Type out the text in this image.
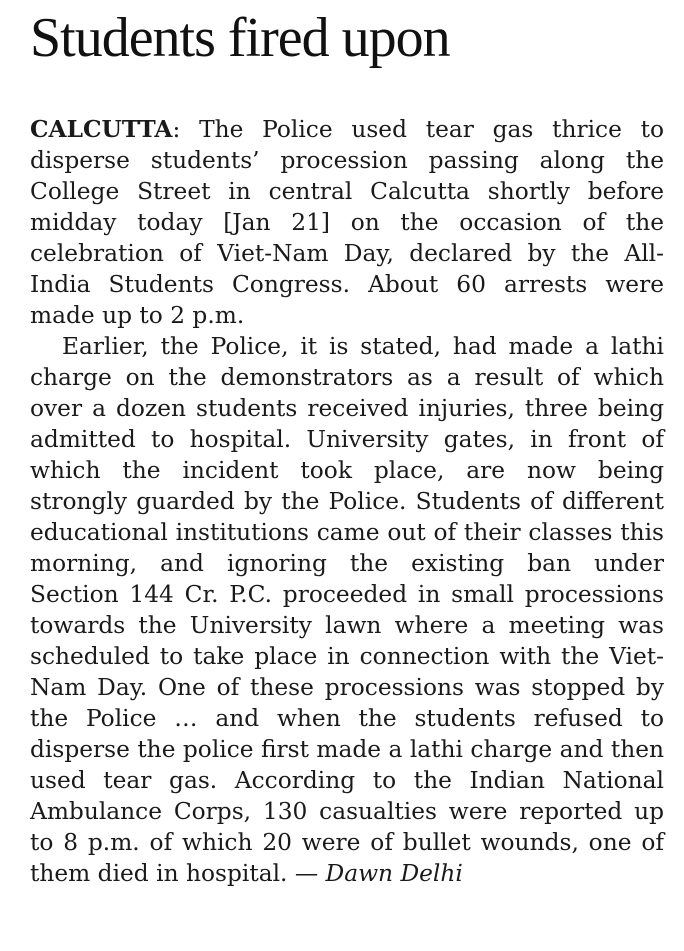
Students fired upon

CALCUTTA: The Police used tear gas thrice to disperse students’ procession passing along the College Street in central Calcutta shortly before midday today [Jan 21] on the occasion of the celebration of Viet-Nam Day, declared by the All-India Students Congress. About 60 arrests were made up to 2 p.m.

Earlier, the Police, it is stated, had made a lathi charge on the demonstrators as a result of which over a dozen students received injuries, three being admitted to hospital. University gates, in front of which the incident took place, are now being strongly guarded by the Police. Students of different educational institutions came out of their classes this morning, and ignoring the existing ban under Section 144 Cr. P.C. proceeded in small processions towards the University lawn where a meeting was scheduled to take place in connection with the Viet-Nam Day. One of these processions was stopped by the Police … and when the students refused to disperse the police first made a lathi charge and then used tear gas. According to the Indian National Ambulance Corps, 130 casualties were reported up to 8 p.m. of which 20 were of bullet wounds, one of them died in hospital. — Dawn Delhi
